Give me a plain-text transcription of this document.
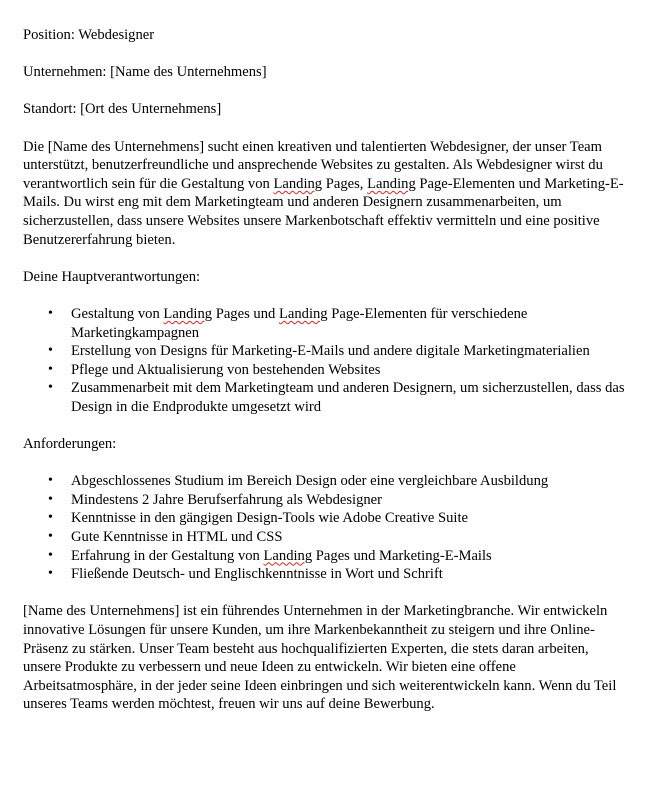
Position: Webdesigner

Unternehmen: [Name des Unternehmens]

Standort: [Ort des Unternehmens]

Die [Name des Unternehmens] sucht einen kreativen und talentierten Webdesigner, der unser Team unterstützt, benutzerfreundliche und ansprechende Websites zu gestalten. Als Webdesigner wirst du verantwortlich sein für die Gestaltung von Landing Pages, Landing Page-Elementen und Marketing-E-Mails. Du wirst eng mit dem Marketingteam und anderen Designern zusammenarbeiten, um sicherzustellen, dass unsere Websites unsere Markenbotschaft effektiv vermitteln und eine positive Benutzererfahrung bieten.

Deine Hauptverantwortungen:

• Gestaltung von Landing Pages und Landing Page-Elementen für verschiedene Marketingkampagnen
• Erstellung von Designs für Marketing-E-Mails und andere digitale Marketingmaterialien
• Pflege und Aktualisierung von bestehenden Websites
• Zusammenarbeit mit dem Marketingteam und anderen Designern, um sicherzustellen, dass das Design in die Endprodukte umgesetzt wird

Anforderungen:

• Abgeschlossenes Studium im Bereich Design oder eine vergleichbare Ausbildung
• Mindestens 2 Jahre Berufserfahrung als Webdesigner
• Kenntnisse in den gängigen Design-Tools wie Adobe Creative Suite
• Gute Kenntnisse in HTML und CSS
• Erfahrung in der Gestaltung von Landing Pages und Marketing-E-Mails
• Fließende Deutsch- und Englischkenntnisse in Wort und Schrift

[Name des Unternehmens] ist ein führendes Unternehmen in der Marketingbranche. Wir entwickeln innovative Lösungen für unsere Kunden, um ihre Markenbekanntheit zu steigern und ihre Online-Präsenz zu stärken. Unser Team besteht aus hochqualifizierten Experten, die stets daran arbeiten, unsere Produkte zu verbessern und neue Ideen zu entwickeln. Wir bieten eine offene Arbeitsatmosphäre, in der jeder seine Ideen einbringen und sich weiterentwickeln kann. Wenn du Teil unseres Teams werden möchtest, freuen wir uns auf deine Bewerbung.
